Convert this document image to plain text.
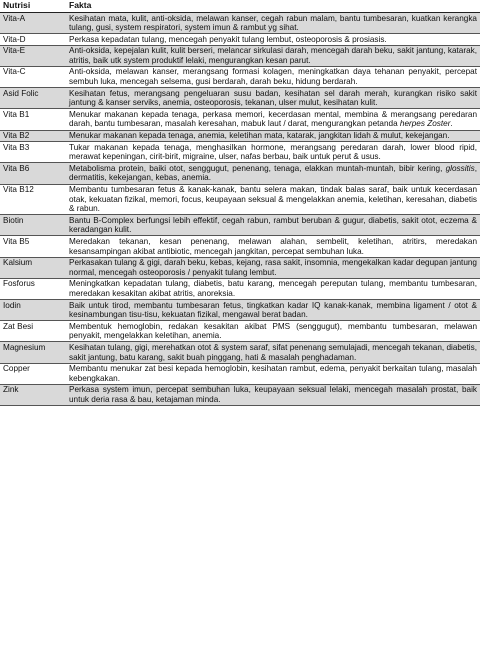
Nutrisi	Fakta
Vita-A	Kesihatan mata, kulit, anti-oksida, melawan kanser, cegah rabun malam, bantu tumbesaran, kuatkan kerangka tulang, gusi, system respiratori, system imun & rambut yg sihat.
Vita-D	Perkasa kepadatan tulang, mencegah penyakit tulang lembut, osteoporosis & prosiasis.
Vita-E	Anti-oksida, kepejalan kulit, kulit berseri, melancar sirkulasi darah, mencegah darah beku, sakit jantung, katarak, atritis, baik utk system produktif lelaki, mengurangkan kesan parut.
Vita-C	Anti-oksida, melawan kanser, merangsang formasi kolagen, meningkatkan daya tehanan penyakit, percepat sembuh luka, mencegah selsema, gusi berdarah, darah beku, hidung berdarah.
Asid Folic	Kesihatan fetus, merangsang pengeluaran susu badan, kesihatan sel darah merah, kurangkan risiko sakit jantung & kanser serviks, anemia, osteoporosis, tekanan, ulser mulut, kesihatan kulit.
Vita B1	Menukar makanan kepada tenaga, perkasa memori, kecerdasan mental, membina & merangsang peredaran darah, bantu tumbesaran, masalah keresahan, mabuk laut / darat, mengurangkan petanda herpes Zoster.
Vita B2	Menukar makanan kepada tenaga, anemia, keletihan mata, katarak, jangkitan lidah & mulut, kekejangan.
Vita B3	Tukar makanan kepada tenaga, menghasilkan hormone, merangsang peredaran darah, lower blood ripid, merawat kepeningan, cirit-birit, migraine, ulser, nafas berbau, baik untuk perut & usus.
Vita B6	Metabolisma protein, baiki otot, senggugut, penenang, tenaga, elakkan muntah-muntah, bibir kering, glossitis, dermatitis, kekejangan, kebas, anemia.
Vita B12	Membantu tumbesaran fetus & kanak-kanak, bantu selera makan, tindak balas saraf, baik untuk kecerdasan otak, kekuatan fizikal, memori, focus, keupayaan seksual & mengelakkan anemia, keletihan, keresahan, diabetis & rabun.
Biotin	Bantu B-Complex berfungsi lebih effektif, cegah rabun, rambut beruban & gugur, diabetis, sakit otot, eczema & keradangan kulit.
Vita B5	Meredakan tekanan, kesan penenang, melawan alahan, sembelit, keletihan, atritirs, meredakan kesansampingan akibat antibiotic, mencegah jangkitan, percepat sembuhan luka.
Kalsium	Perkasakan tulang & gigi, darah beku, kebas, kejang, rasa sakit, insomnia, mengekalkan kadar degupan jantung normal, mencegah osteoporosis / penyakit tulang lembut.
Fosforus	Meningkatkan kepadatan tulang, diabetis, batu karang, mencegah pereputan tulang, membantu tumbesaran, meredakan kesakitan akibat atritis, anoreksia.
Iodin	Baik untuk tirod, membantu tumbesaran fetus, tingkatkan kadar IQ kanak-kanak, membina ligament / otot & kesinambungan tisu-tisu, kekuatan fizikal, mengawal berat badan.
Zat Besi	Membentuk hemoglobin, redakan kesakitan akibat PMS (senggugut), membantu tumbesaran, melawan penyakit, mengelakkan keletihan, anemia.
Magnesium	Kesihatan tulang, gigi, merehatkan otot & system saraf, sifat penenang semulajadi, mencegah tekanan, diabetis, sakit jantung, batu karang, sakit buah pinggang, hati & masalah penghadaman.
Copper	Membantu menukar zat besi kepada hemoglobin, kesihatan rambut, edema, penyakit berkaitan tulang, masalah kebengkakan.
Zink	Perkasa system imun, percepat sembuhan luka, keupayaan seksual lelaki, mencegah masalah prostat, baik untuk deria rasa & bau, ketajaman minda.
